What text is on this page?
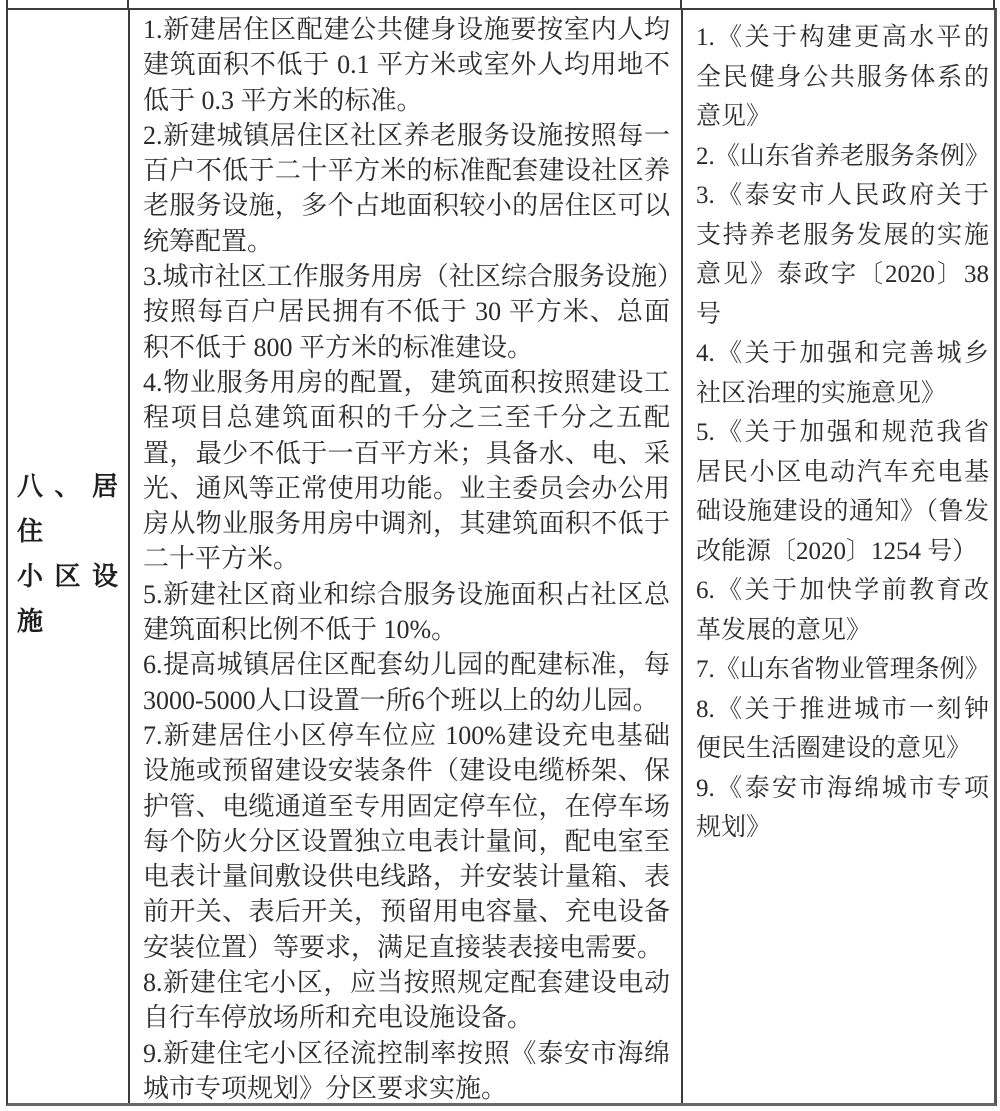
八、居住
小区设
施

1.新建居住区配建公共健身设施要按室内人均建筑面积不低于 0.1 平方米或室外人均用地不低于 0.3 平方米的标准。

2.新建城镇居住区社区养老服务设施按照每一百户不低于二十平方米的标准配套建设社区养老服务设施，多个占地面积较小的居住区可以统筹配置。

3.城市社区工作服务用房（社区综合服务设施）按照每百户居民拥有不低于 30 平方米、总面积不低于 800 平方米的标准建设。

4.物业服务用房的配置，建筑面积按照建设工程项目总建筑面积的千分之三至千分之五配置，最少不低于一百平方米；具备水、电、采光、通风等正常使用功能。业主委员会办公用房从物业服务用房中调剂，其建筑面积不低于二十平方米。

5.新建社区商业和综合服务设施面积占社区总建筑面积比例不低于 10%。

6.提高城镇居住区配套幼儿园的配建标准，每3000-5000人口设置一所6个班以上的幼儿园。

7.新建居住小区停车位应 100%建设充电基础设施或预留建设安装条件（建设电缆桥架、保护管、电缆通道至专用固定停车位，在停车场每个防火分区设置独立电表计量间，配电室至电表计量间敷设供电线路，并安装计量箱、表前开关、表后开关，预留用电容量、充电设备安装位置）等要求，满足直接装表接电需要。

8.新建住宅小区，应当按照规定配套建设电动自行车停放场所和充电设施设备。

9.新建住宅小区径流控制率按照《泰安市海绵城市专项规划》分区要求实施。

1.《关于构建更高水平的全民健身公共服务体系的意见》

2.《山东省养老服务条例》

3.《泰安市人民政府关于支持养老服务发展的实施意见》泰政字〔2020〕38 号

4.《关于加强和完善城乡社区治理的实施意见》

5.《关于加强和规范我省居民小区电动汽车充电基础设施建设的通知》（鲁发改能源〔2020〕1254 号）

6.《关于加快学前教育改革发展的意见》

7.《山东省物业管理条例》

8.《关于推进城市一刻钟便民生活圈建设的意见》

9.《泰安市海绵城市专项规划》
